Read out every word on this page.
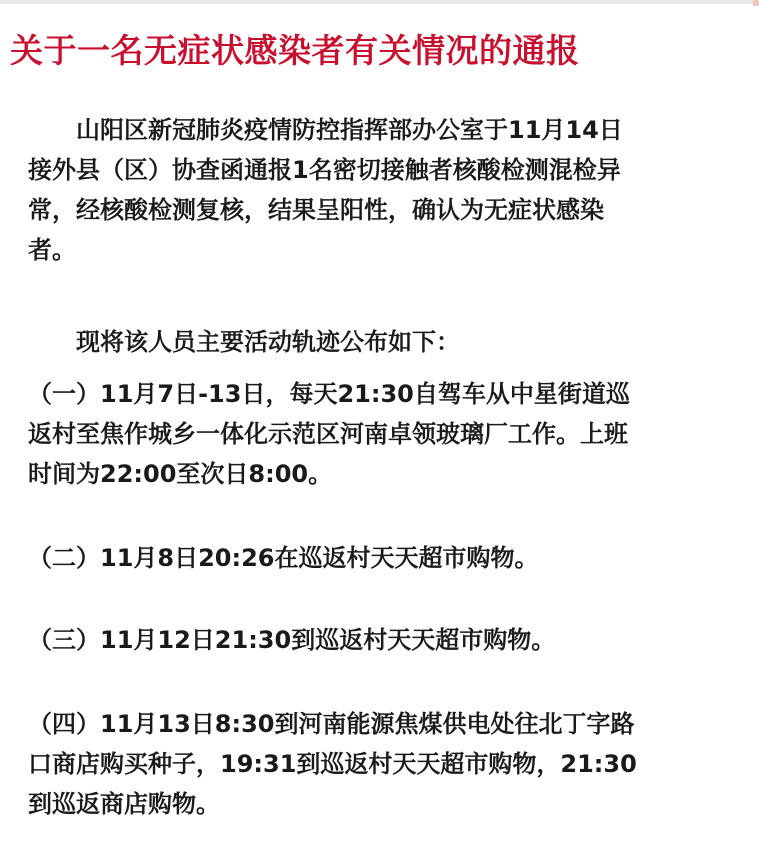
关于一名无症状感染者有关情况的通报

　　山阳区新冠肺炎疫情防控指挥部办公室于11月14日
接外县（区）协查函通报1名密切接触者核酸检测混检异
常，经核酸检测复核，结果呈阳性，确认为无症状感染
者。

　　现将该人员主要活动轨迹公布如下：

（一）11月7日-13日，每天21:30自驾车从中星街道巡
返村至焦作城乡一体化示范区河南卓领玻璃厂工作。上班
时间为22:00至次日8:00。

（二）11月8日20:26在巡返村天天超市购物。

（三）11月12日21:30到巡返村天天超市购物。

（四）11月13日8:30到河南能源焦煤供电处往北丁字路
口商店购买种子，19:31到巡返村天天超市购物，21:30
到巡返商店购物。
